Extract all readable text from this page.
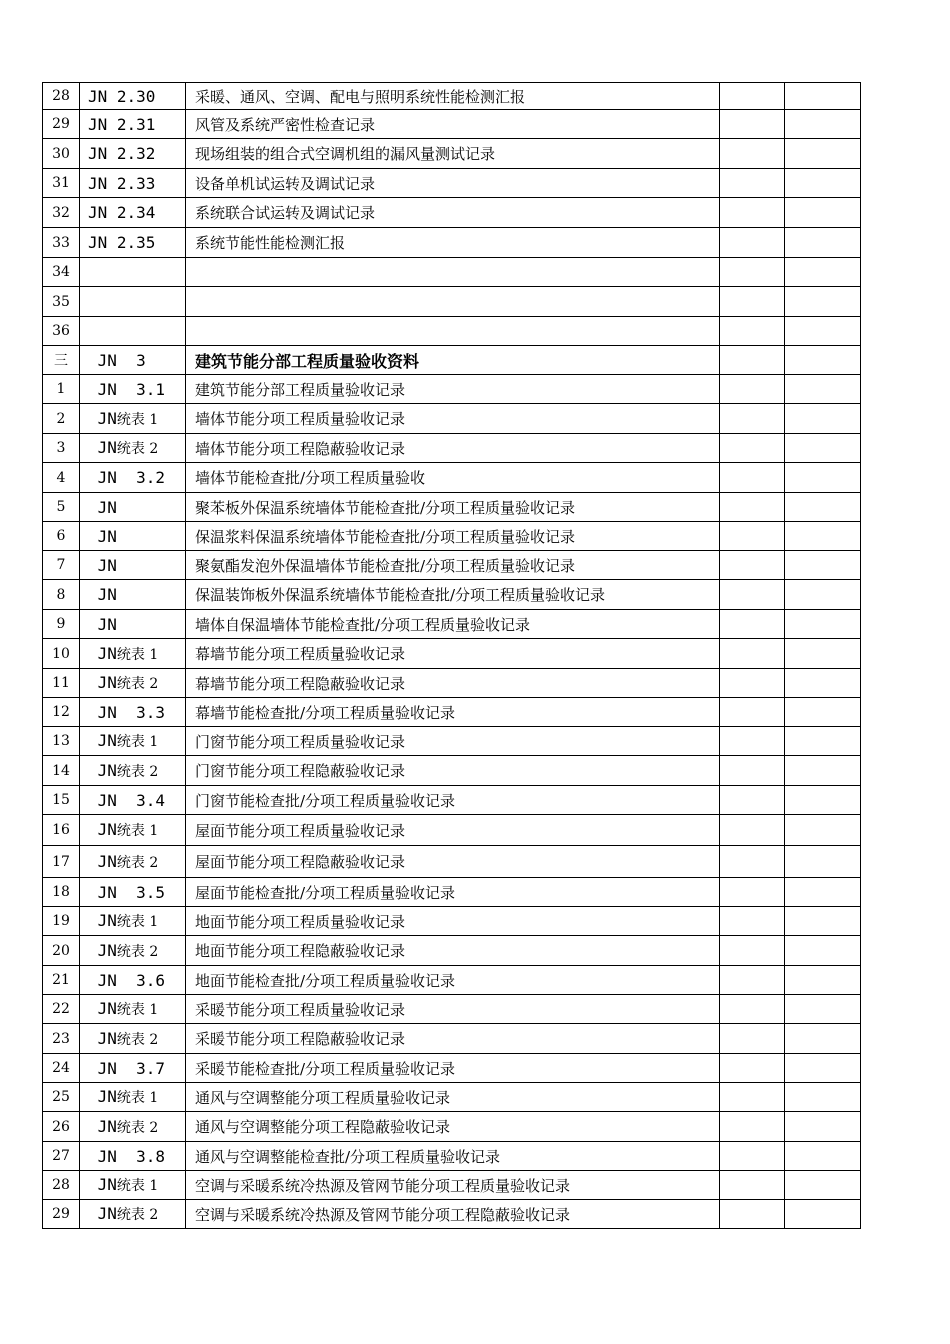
28	JN 2.30	采暖、通风、空调、配电与照明系统性能检测汇报		
29	JN 2.31	风管及系统严密性检查记录		
30	JN 2.32	现场组装的组合式空调机组的漏风量测试记录		
31	JN 2.33	设备单机试运转及调试记录		
32	JN 2.34	系统联合试运转及调试记录		
33	JN 2.35	系统节能性能检测汇报		
34				
35				
36				
三	JN  3	建筑节能分部工程质量验收资料		
1	JN  3.1	建筑节能分部工程质量验收记录		
2	JN统表 1	墙体节能分项工程质量验收记录		
3	JN统表 2	墙体节能分项工程隐蔽验收记录		
4	JN  3.2	墙体节能检查批/分项工程质量验收		
5	JN	聚苯板外保温系统墙体节能检查批/分项工程质量验收记录		
6	JN	保温浆料保温系统墙体节能检查批/分项工程质量验收记录		
7	JN	聚氨酯发泡外保温墙体节能检查批/分项工程质量验收记录		
8	JN	保温装饰板外保温系统墙体节能检查批/分项工程质量验收记录		
9	JN	墙体自保温墙体节能检查批/分项工程质量验收记录		
10	JN统表 1	幕墙节能分项工程质量验收记录		
11	JN统表 2	幕墙节能分项工程隐蔽验收记录		
12	JN  3.3	幕墙节能检查批/分项工程质量验收记录		
13	JN统表 1	门窗节能分项工程质量验收记录		
14	JN统表 2	门窗节能分项工程隐蔽验收记录		
15	JN  3.4	门窗节能检查批/分项工程质量验收记录		
16	JN统表 1	屋面节能分项工程质量验收记录		
17	JN统表 2	屋面节能分项工程隐蔽验收记录		
18	JN  3.5	屋面节能检查批/分项工程质量验收记录		
19	JN统表 1	地面节能分项工程质量验收记录		
20	JN统表 2	地面节能分项工程隐蔽验收记录		
21	JN  3.6	地面节能检查批/分项工程质量验收记录		
22	JN统表 1	采暖节能分项工程质量验收记录		
23	JN统表 2	采暖节能分项工程隐蔽验收记录		
24	JN  3.7	采暖节能检查批/分项工程质量验收记录		
25	JN统表 1	通风与空调整能分项工程质量验收记录		
26	JN统表 2	通风与空调整能分项工程隐蔽验收记录		
27	JN  3.8	通风与空调整能检查批/分项工程质量验收记录		
28	JN统表 1	空调与采暖系统冷热源及管网节能分项工程质量验收记录		
29	JN统表 2	空调与采暖系统冷热源及管网节能分项工程隐蔽验收记录		
